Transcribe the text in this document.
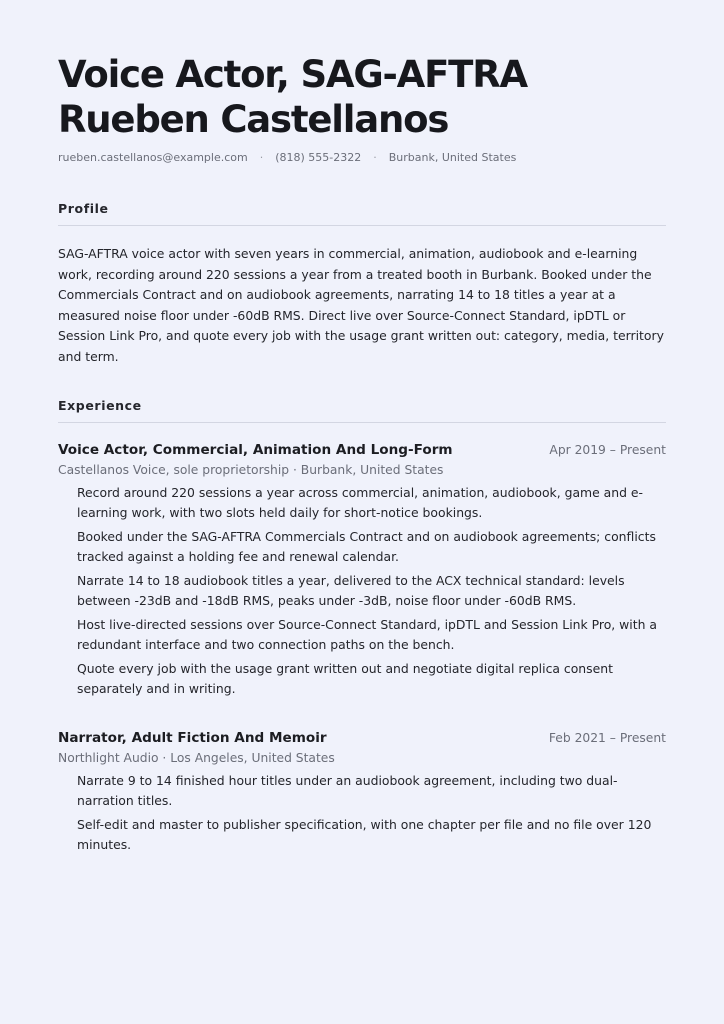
Voice Actor, SAG-AFTRA
Rueben Castellanos
rueben.castellanos@example.com · (818) 555-2322 · Burbank, United States
Profile

SAG-AFTRA voice actor with seven years in commercial, animation, audiobook and e-learning work, recording around 220 sessions a year from a treated booth in Burbank. Booked under the Commercials Contract and on audiobook agreements, narrating 14 to 18 titles a year at a measured noise floor under -60dB RMS. Direct live over Source-Connect Standard, ipDTL or Session Link Pro, and quote every job with the usage grant written out: category, media, territory and term.

Experience
Voice Actor, Commercial, Animation And Long-Form	Apr 2019 – Present
Castellanos Voice, sole proprietorship · Burbank, United States
Record around 220 sessions a year across commercial, animation, audiobook, game and e-learning work, with two slots held daily for short-notice bookings.
Booked under the SAG-AFTRA Commercials Contract and on audiobook agreements; conflicts tracked against a holding fee and renewal calendar.
Narrate 14 to 18 audiobook titles a year, delivered to the ACX technical standard: levels between -23dB and -18dB RMS, peaks under -3dB, noise floor under -60dB RMS.
Host live-directed sessions over Source-Connect Standard, ipDTL and Session Link Pro, with a redundant interface and two connection paths on the bench.
Quote every job with the usage grant written out and negotiate digital replica consent separately and in writing.
Narrator, Adult Fiction And Memoir	Feb 2021 – Present
Northlight Audio · Los Angeles, United States
Narrate 9 to 14 finished hour titles under an audiobook agreement, including two dual-narration titles.
Self-edit and master to publisher specification, with one chapter per file and no file over 120 minutes.
